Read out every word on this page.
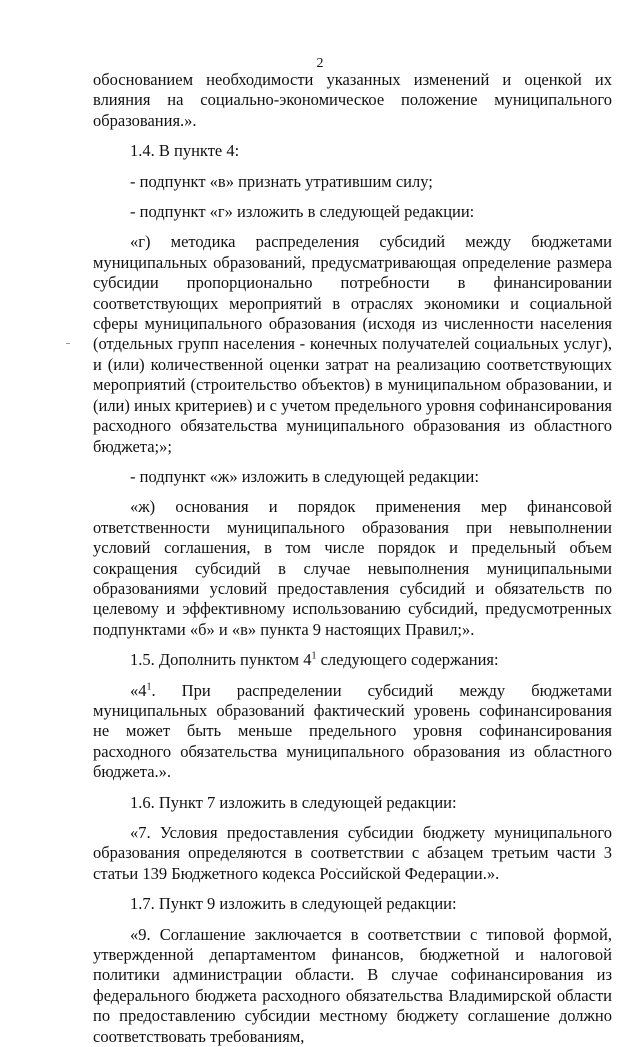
2

обоснованием необходимости указанных изменений и оценкой их влияния на социально-экономическое положение муниципального образования.».

1.4. В пункте 4:

- подпункт «в» признать утратившим силу;

- подпункт «г» изложить в следующей редакции:

«г) методика распределения субсидий между бюджетами муниципальных образований, предусматривающая определение размера субсидии пропорционально потребности в финансировании соответствующих мероприятий в отраслях экономики и социальной сферы муниципального образования (исходя из численности населения (отдельных групп населения - конечных получателей социальных услуг), и (или) количественной оценки затрат на реализацию соответствующих мероприятий (строительство объектов) в муниципальном образовании, и (или) иных критериев) и с учетом предельного уровня софинансирования расходного обязательства муниципального образования из областного бюджета;»;

- подпункт «ж» изложить в следующей редакции:

«ж) основания и порядок применения мер финансовой ответственности муниципального образования при невыполнении условий соглашения, в том числе порядок и предельный объем сокращения субсидий в случае невыполнения муниципальными образованиями условий предоставления субсидий и обязательств по целевому и эффективному использованию субсидий, предусмотренных подпунктами «б» и «в» пункта 9 настоящих Правил;».

1.5. Дополнить пунктом $4^1$ следующего содержания:

«$4^1$. При распределении субсидий между бюджетами муниципальных образований фактический уровень софинансирования не может быть меньше предельного уровня софинансирования расходного обязательства муниципального образования из областного бюджета.».

1.6. Пункт 7 изложить в следующей редакции:

«7. Условия предоставления субсидии бюджету муниципального образования определяются в соответствии с абзацем третьим части 3 статьи 139 Бюджетного кодекса Российской Федерации.».

1.7. Пункт 9 изложить в следующей редакции:

«9. Соглашение заключается в соответствии с типовой формой, утвержденной департаментом финансов, бюджетной и налоговой политики администрации области. В случае софинансирования из федерального бюджета расходного обязательства Владимирской области по предоставлению субсидии местному бюджету соглашение должно соответствовать требованиям,
